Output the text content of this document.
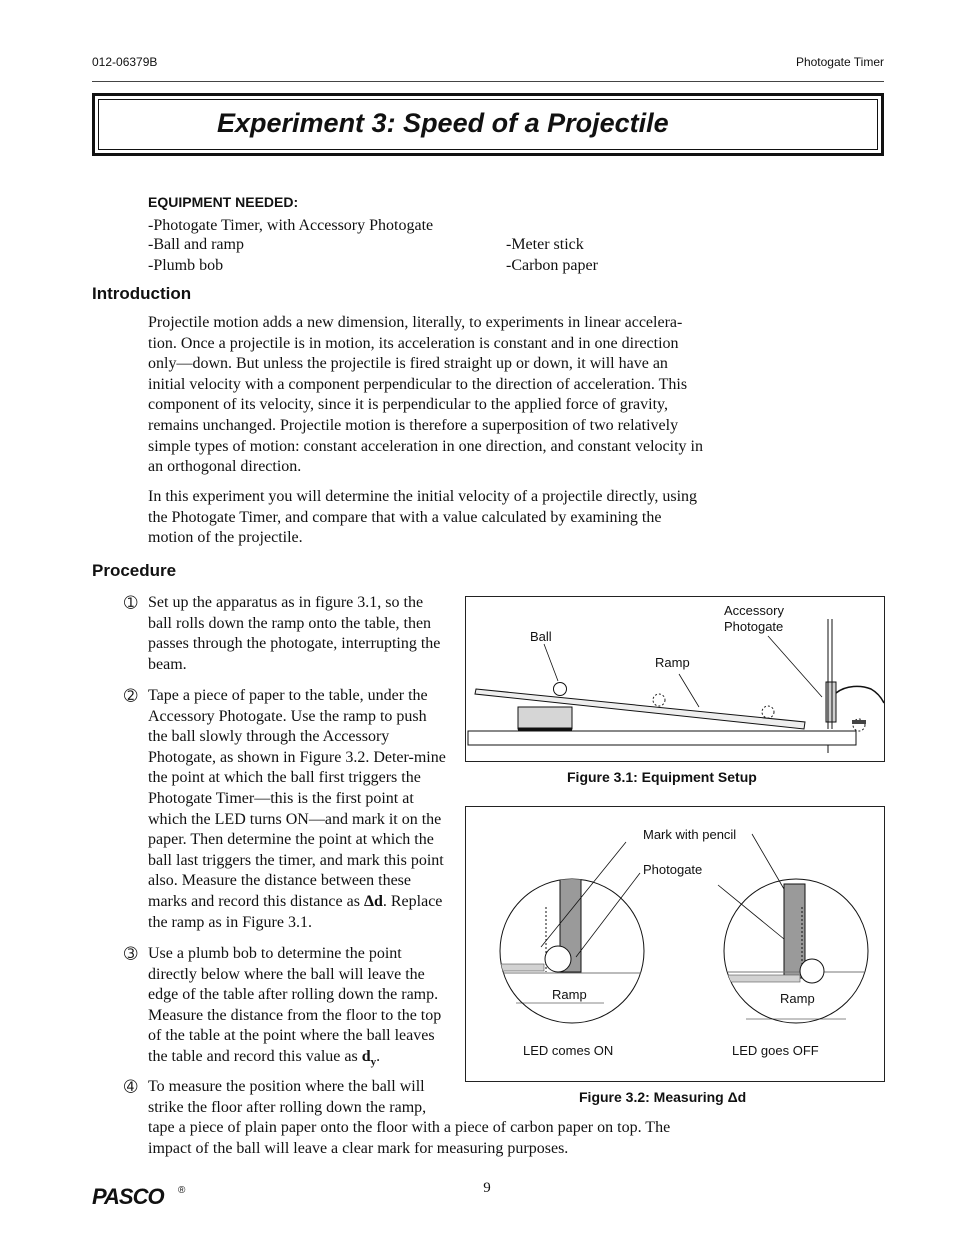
012-06379B	Photogate Timer
Experiment 3: Speed of a Projectile
EQUIPMENT NEEDED:
-Photogate Timer, with Accessory Photogate
-Ball and ramp	-Meter stick
-Plumb bob	-Carbon paper
Introduction

Projectile motion adds a new dimension, literally, to experiments in linear accelera-tion. Once a projectile is in motion, its acceleration is constant and in one direction only—down. But unless the projectile is fired straight up or down, it will have an initial velocity with a component perpendicular to the direction of acceleration. This component of its velocity, since it is perpendicular to the applied force of gravity, remains unchanged. Projectile motion is therefore a superposition of two relatively simple types of motion: constant acceleration in one direction, and constant velocity in an orthogonal direction.

In this experiment you will determine the initial velocity of a projectile directly, using the Photogate Timer, and compare that with a value calculated by examining the motion of the projectile.

Procedure
➀ Set up the apparatus as in figure 3.1, so the ball rolls down the ramp onto the table, then passes through the photogate, interrupting the beam.
➁ Tape a piece of paper to the table, under the Accessory Photogate. Use the ramp to push the ball slowly through the Accessory Photogate, as shown in Figure 3.2. Deter-mine the point at which the ball first triggers the Photogate Timer—this is the first point at which the LED turns ON—and mark it on the paper. Then determine the point at which the ball last triggers the timer, and mark this point also. Measure the distance between these marks and record this distance as Δd. Replace the ramp as in Figure 3.1.
➂ Use a plumb bob to determine the point directly below where the ball will leave the edge of the table after rolling down the ramp. Measure the distance from the floor to the top of the table at the point where the ball leaves the table and record this value as $d_y$.
➃ To measure the position where the ball will
strike the floor after rolling down the ramp,
tape a piece of plain paper onto the floor with a piece of carbon paper on top. The impact of the ball will leave a clear mark for measuring purposes.
Ball
Ramp
Accessory
Photogate
Figure 3.1: Equipment Setup
Mark with pencil
Photogate
Ramp	Ramp
LED comes ON	LED goes OFF
Figure 3.2: Measuring Δd
PASCO ®	9
